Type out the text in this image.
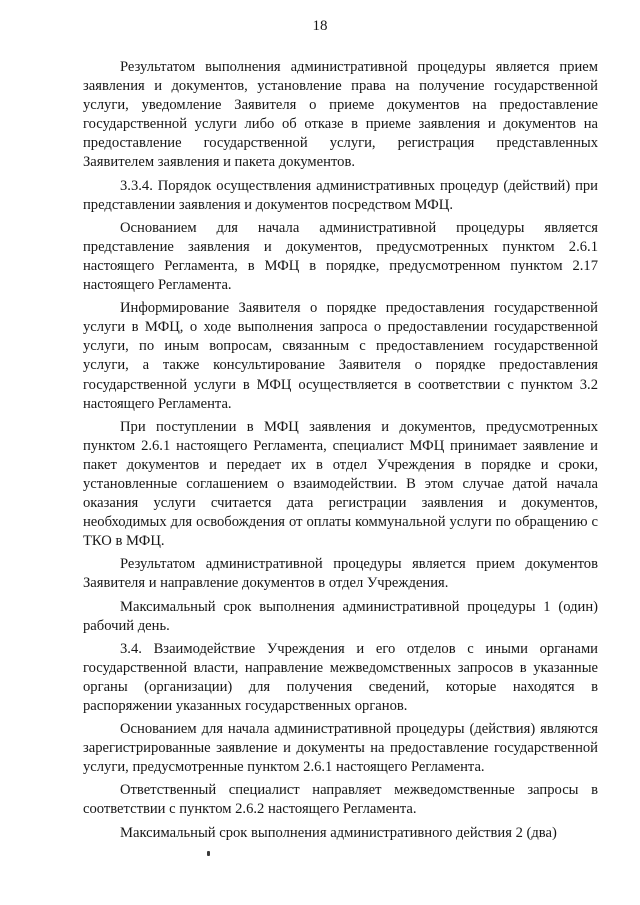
18

Результатом выполнения административной процедуры является прием заявления и документов, установление права на получение государственной услуги, уведомление Заявителя о приеме документов на предоставление государственной услуги либо об отказе в приеме заявления и документов на предоставление государственной услуги, регистрация представленных Заявителем заявления и пакета документов.

3.3.4. Порядок осуществления административных процедур (действий) при представлении заявления и документов посредством МФЦ.

Основанием для начала административной процедуры является представление заявления и документов, предусмотренных пунктом 2.6.1 настоящего Регламента, в МФЦ в порядке, предусмотренном пунктом 2.17 настоящего Регламента.

Информирование Заявителя о порядке предоставления государственной услуги в МФЦ, о ходе выполнения запроса о предоставлении государственной услуги, по иным вопросам, связанным с предоставлением государственной услуги, а также консультирование Заявителя о порядке предоставления государственной услуги в МФЦ осуществляется в соответствии с пунктом 3.2 настоящего Регламента.

При поступлении в МФЦ заявления и документов, предусмотренных пунктом 2.6.1 настоящего Регламента, специалист МФЦ принимает заявление и пакет документов и передает их в отдел Учреждения в порядке и сроки, установленные соглашением о взаимодействии. В этом случае датой начала оказания услуги считается дата регистрации заявления и документов, необходимых для освобождения от оплаты коммунальной услуги по обращению с ТКО в МФЦ.

Результатом административной процедуры является прием документов Заявителя и направление документов в отдел Учреждения.

Максимальный срок выполнения административной процедуры 1 (один) рабочий день.

3.4. Взаимодействие Учреждения и его отделов с иными органами государственной власти, направление межведомственных запросов в указанные органы (организации) для получения сведений, которые находятся в распоряжении указанных государственных органов.

Основанием для начала административной процедуры (действия) являются зарегистрированные заявление и документы на предоставление государственной услуги, предусмотренные пунктом 2.6.1 настоящего Регламента.

Ответственный специалист направляет межведомственные запросы в соответствии с пунктом 2.6.2 настоящего Регламента.

Максимальный срок выполнения административного действия 2 (два)
